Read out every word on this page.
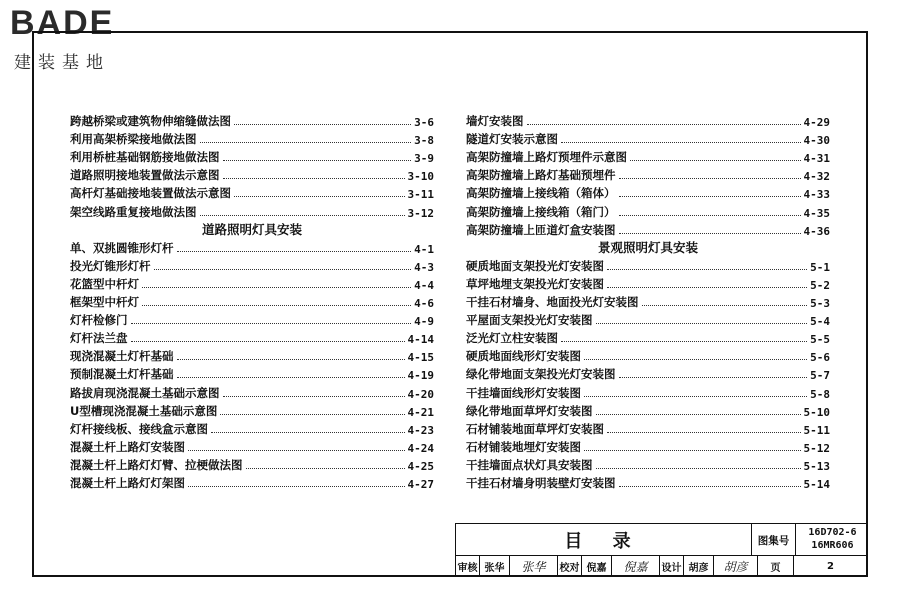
BADE
建装基地
跨越桥梁或建筑物伸缩缝做法图	3-6
利用高架桥梁接地做法图	3-8
利用桥桩基础钢筋接地做法图	3-9
道路照明接地装置做法示意图	3-10
高杆灯基础接地装置做法示意图	3-11
架空线路重复接地做法图	3-12
道路照明灯具安装
单、双挑圆锥形灯杆	4-1
投光灯锥形灯杆	4-3
花篮型中杆灯	4-4
框架型中杆灯	4-6
灯杆检修门	4-9
灯杆法兰盘	4-14
现浇混凝土灯杆基础	4-15
预制混凝土灯杆基础	4-19
路拔肩现浇混凝土基础示意图	4-20
U型槽现浇混凝土基础示意图	4-21
灯杆接线板、接线盒示意图	4-23
混凝土杆上路灯安装图	4-24
混凝土杆上路灯灯臂、拉梗做法图	4-25
混凝土杆上路灯灯架图	4-27
墙灯安装图	4-29
隧道灯安装示意图	4-30
高架防撞墙上路灯预埋件示意图	4-31
高架防撞墙上路灯基础预埋件	4-32
高架防撞墙上接线箱（箱体）	4-33
高架防撞墙上接线箱（箱门）	4-35
高架防撞墙上匝道灯盒安装图	4-36
景观照明灯具安装
硬质地面支架投光灯安装图	5-1
草坪地埋支架投光灯安装图	5-2
干挂石材墙身、地面投光灯安装图	5-3
平屋面支架投光灯安装图	5-4
泛光灯立柱安装图	5-5
硬质地面线形灯安装图	5-6
绿化带地面支架投光灯安装图	5-7
干挂墙面线形灯安装图	5-8
绿化带地面草坪灯安装图	5-10
石材铺装地面草坪灯安装图	5-11
石材铺装地埋灯安装图	5-12
干挂墙面点状灯具安装图	5-13
干挂石材墙身明装壁灯安装图	5-14
目 录	图集号
16D702-6
16MR606
审核 张华	张华	校对 倪嘉	倪嘉	设计 胡彦	胡彦	页	2
